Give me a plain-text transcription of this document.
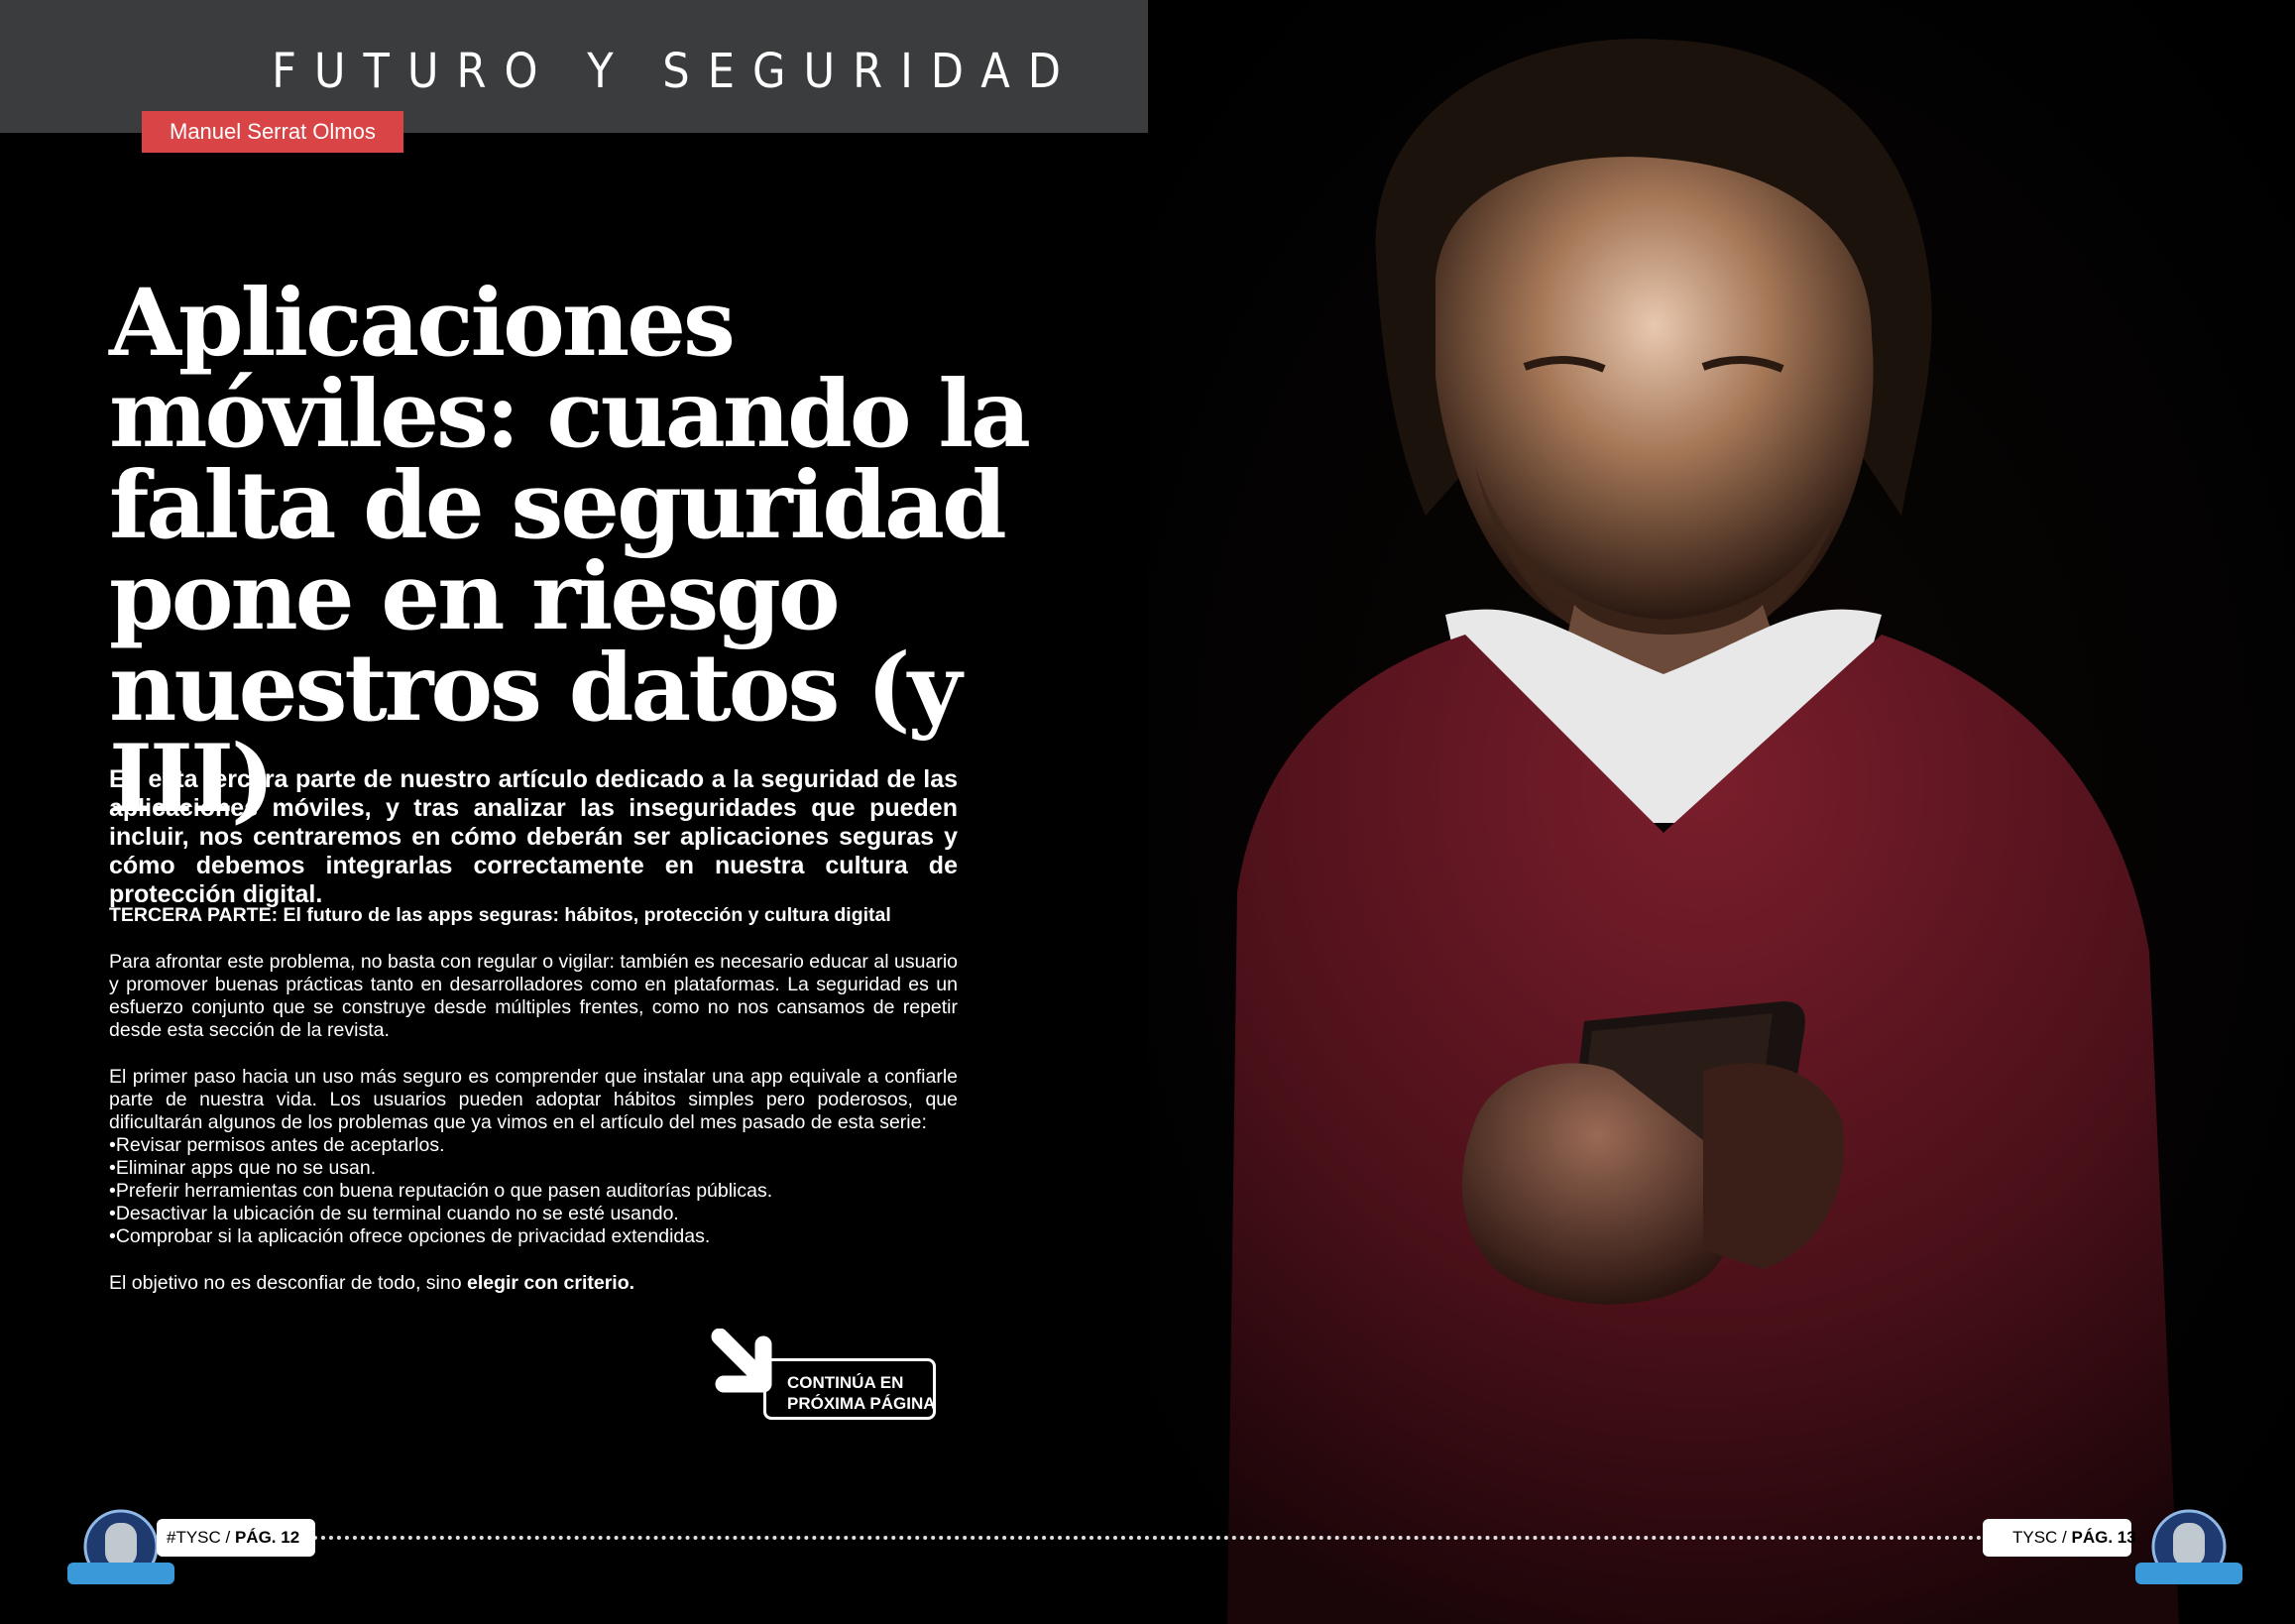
FUTURO Y SEGURIDAD
Manuel Serrat Olmos
Aplicaciones móviles: cuando la falta de seguridad pone en riesgo nuestros datos (y III)

En esta tercera parte de nuestro artículo dedicado a la seguridad de las aplicaciones móviles, y tras analizar las inseguridades que pueden incluir, nos centraremos en cómo deberán ser aplicaciones seguras y cómo debemos integrarlas correctamente en nuestra cultura de protección digital.

TERCERA PARTE: El futuro de las apps seguras: hábitos, protección y cultura digital

Para afrontar este problema, no basta con regular o vigilar: también es necesario educar al usuario y promover buenas prácticas tanto en desarrolladores como en plataformas. La seguridad es un esfuerzo conjunto que se construye desde múltiples frentes, como no nos cansamos de repetir desde esta sección de la revista.

El primer paso hacia un uso más seguro es comprender que instalar una app equivale a confiarle parte de nuestra vida. Los usuarios pueden adoptar hábitos simples pero poderosos, que dificultarán algunos de los problemas que ya vimos en el artículo del mes pasado de esta serie:

• Revisar permisos antes de aceptarlos.
• Eliminar apps que no se usan.
• Preferir herramientas con buena reputación o que pasen auditorías públicas.
• Desactivar la ubicación de su terminal cuando no se esté usando.
• Comprobar si la aplicación ofrece opciones de privacidad extendidas.

El objetivo no es desconfiar de todo, sino elegir con criterio.

CONTINÚA EN
PRÓXIMA PÁGINA
#TYSC / PÁG. 12	TYSC / PÁG. 13
